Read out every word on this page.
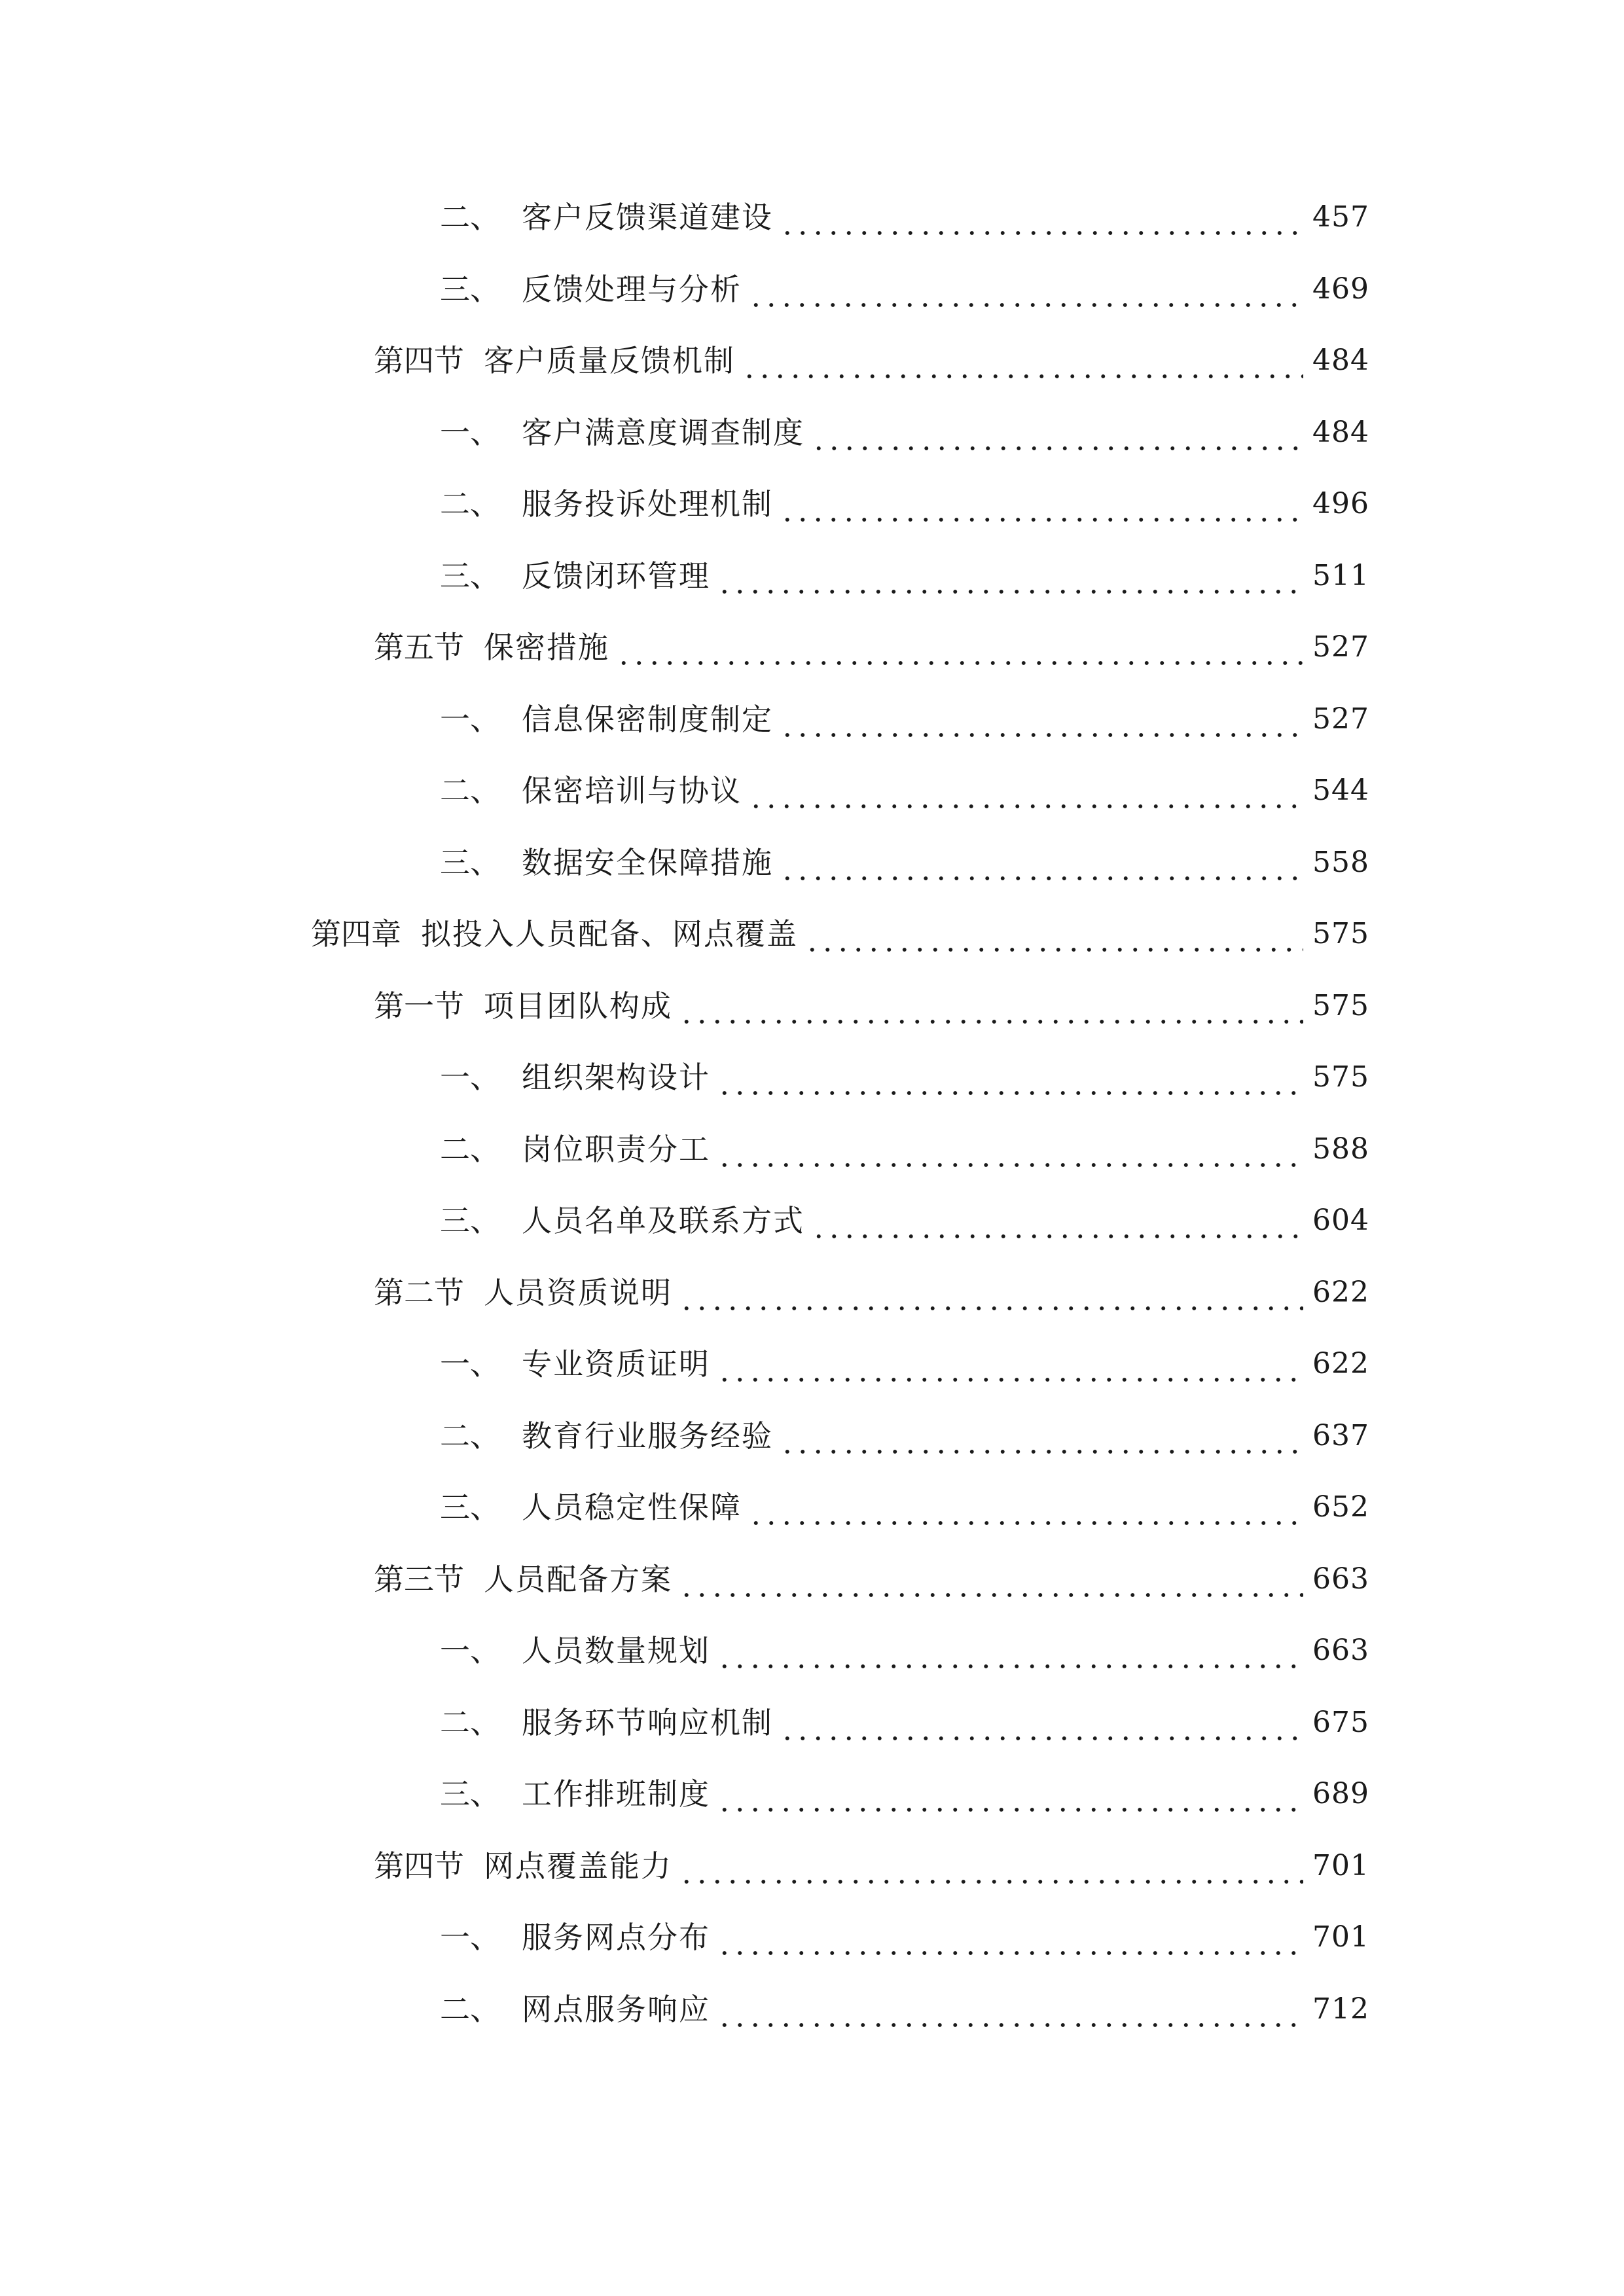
二、 客户反馈渠道建设	457
三、 反馈处理与分析	469
第四节 客户质量反馈机制	484
一、 客户满意度调查制度	484
二、 服务投诉处理机制	496
三、 反馈闭环管理	511
第五节 保密措施	527
一、 信息保密制度制定	527
二、 保密培训与协议	544
三、 数据安全保障措施	558
第四章 拟投入人员配备、网点覆盖	575
第一节 项目团队构成	575
一、 组织架构设计	575
二、 岗位职责分工	588
三、 人员名单及联系方式	604
第二节 人员资质说明	622
一、 专业资质证明	622
二、 教育行业服务经验	637
三、 人员稳定性保障	652
第三节 人员配备方案	663
一、 人员数量规划	663
二、 服务环节响应机制	675
三、 工作排班制度	689
第四节 网点覆盖能力	701
一、 服务网点分布	701
二、 网点服务响应	712
